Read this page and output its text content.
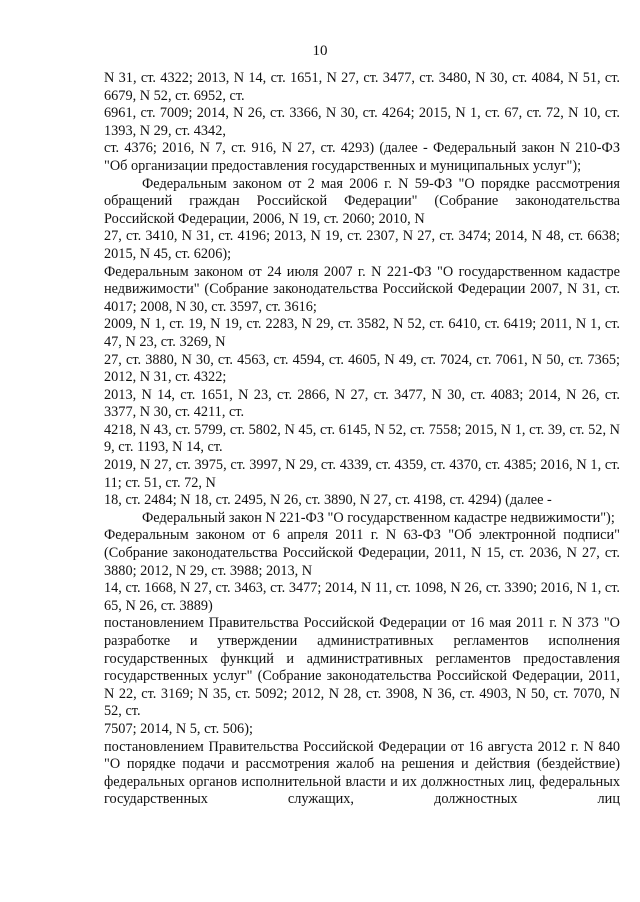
10

N 31, ст. 4322; 2013, N 14, ст. 1651, N 27, ст. 3477, ст. 3480, N 30, ст. 4084, N 51, ст. 6679, N 52, ст. 6952, ст.

6961, ст. 7009; 2014, N 26, ст. 3366, N 30, ст. 4264; 2015, N 1, ст. 67, ст. 72, N 10, ст. 1393, N 29, ст. 4342,

ст. 4376; 2016, N 7, ст. 916, N 27, ст. 4293) (далее - Федеральный закон N 210-ФЗ "Об организации предоставления государственных и муниципальных услуг");

Федеральным законом от 2 мая 2006 г. N 59-ФЗ "О порядке рассмотрения обращений граждан Российской Федерации" (Собрание законодательства Российской Федерации, 2006, N 19, ст. 2060; 2010, N

27, ст. 3410, N 31, ст. 4196; 2013, N 19, ст. 2307, N 27, ст. 3474; 2014, N 48, ст. 6638; 2015, N 45, ст. 6206);

Федеральным законом от 24 июля 2007 г. N 221-ФЗ "О государственном кадастре недвижимости" (Собрание законодательства Российской Федерации 2007, N 31, ст. 4017; 2008, N 30, ст. 3597, ст. 3616;

2009, N 1, ст. 19, N 19, ст. 2283, N 29, ст. 3582, N 52, ст. 6410, ст. 6419; 2011, N 1, ст. 47, N 23, ст. 3269, N

27, ст. 3880, N 30, ст. 4563, ст. 4594, ст. 4605, N 49, ст. 7024, ст. 7061, N 50, ст. 7365; 2012, N 31, ст. 4322;

2013, N 14, ст. 1651, N 23, ст. 2866, N 27, ст. 3477, N 30, ст. 4083; 2014, N 26, ст. 3377, N 30, ст. 4211, ст.

4218, N 43, ст. 5799, ст. 5802, N 45, ст. 6145, N 52, ст. 7558; 2015, N 1, ст. 39, ст. 52, N 9, ст. 1193, N 14, ст.

2019, N 27, ст. 3975, ст. 3997, N 29, ст. 4339, ст. 4359, ст. 4370, ст. 4385; 2016, N 1, ст. 11; ст. 51, ст. 72, N

18, ст. 2484; N 18, ст. 2495, N 26, ст. 3890, N 27, ст. 4198, ст. 4294) (далее -

Федеральный закон N 221-ФЗ "О государственном кадастре недвижимости");

Федеральным законом от 6 апреля 2011 г. N 63-ФЗ "Об электронной подписи" (Собрание законодательства Российской Федерации, 2011, N 15, ст. 2036, N 27, ст. 3880; 2012, N 29, ст. 3988; 2013, N

14, ст. 1668, N 27, ст. 3463, ст. 3477; 2014, N 11, ст. 1098, N 26, ст. 3390; 2016, N 1, ст. 65, N 26, ст. 3889)

постановлением Правительства Российской Федерации от 16 мая 2011 г. N 373 "О разработке и утверждении административных регламентов исполнения государственных функций и административных регламентов предоставления государственных услуг" (Собрание законодательства Российской Федерации, 2011, N 22, ст. 3169; N 35, ст. 5092; 2012, N 28, ст. 3908, N 36, ст. 4903, N 50, ст. 7070, N 52, ст.

7507; 2014, N 5, ст. 506);

постановлением Правительства Российской Федерации от 16 августа 2012 г. N 840 "О порядке подачи и рассмотрения жалоб на решения и действия (бездействие) федеральных органов исполнительной власти и их должностных лиц, федеральных государственных служащих, должностных лиц
